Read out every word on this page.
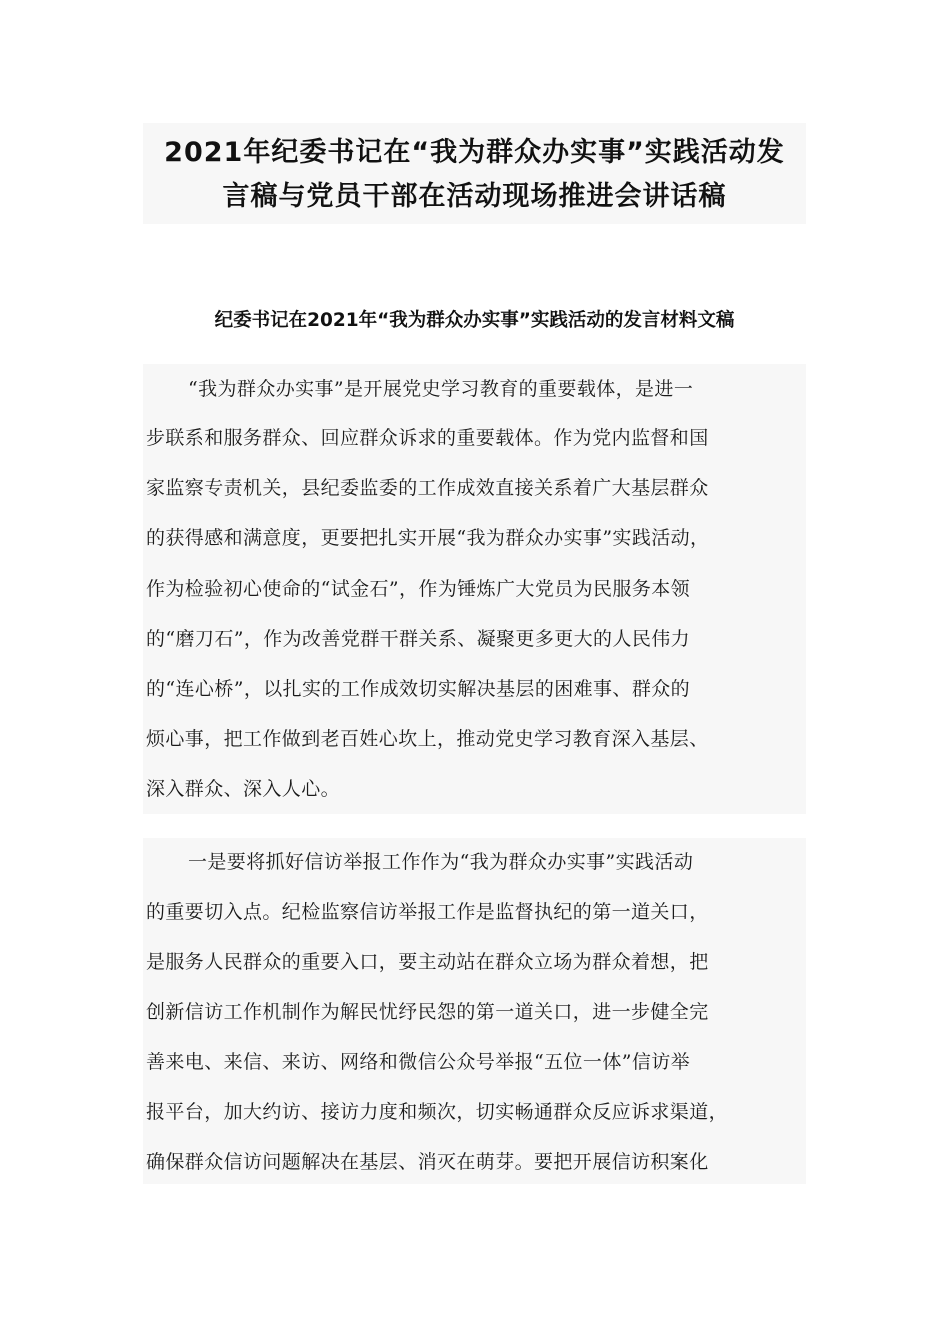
2021年纪委书记在“我为群众办实事”实践活动发
言稿与党员干部在活动现场推进会讲话稿
纪委书记在2021年“我为群众办实事”实践活动的发言材料文稿
“我为群众办实事”是开展党史学习教育的重要载体，是进一
步联系和服务群众、回应群众诉求的重要载体。作为党内监督和国
家监察专责机关，县纪委监委的工作成效直接关系着广大基层群众
的获得感和满意度，更要把扎实开展“我为群众办实事”实践活动，
作为检验初心使命的“试金石”，作为锤炼广大党员为民服务本领
的“磨刀石”，作为改善党群干群关系、凝聚更多更大的人民伟力
的“连心桥”，以扎实的工作成效切实解决基层的困难事、群众的
烦心事，把工作做到老百姓心坎上，推动党史学习教育深入基层、
深入群众、深入人心。
一是要将抓好信访举报工作作为“我为群众办实事”实践活动
的重要切入点。纪检监察信访举报工作是监督执纪的第一道关口，
是服务人民群众的重要入口，要主动站在群众立场为群众着想，把
创新信访工作机制作为解民忧纾民怨的第一道关口，进一步健全完
善来电、来信、来访、网络和微信公众号举报“五位一体”信访举
报平台，加大约访、接访力度和频次，切实畅通群众反应诉求渠道，
确保群众信访问题解决在基层、消灭在萌芽。要把开展信访积案化
